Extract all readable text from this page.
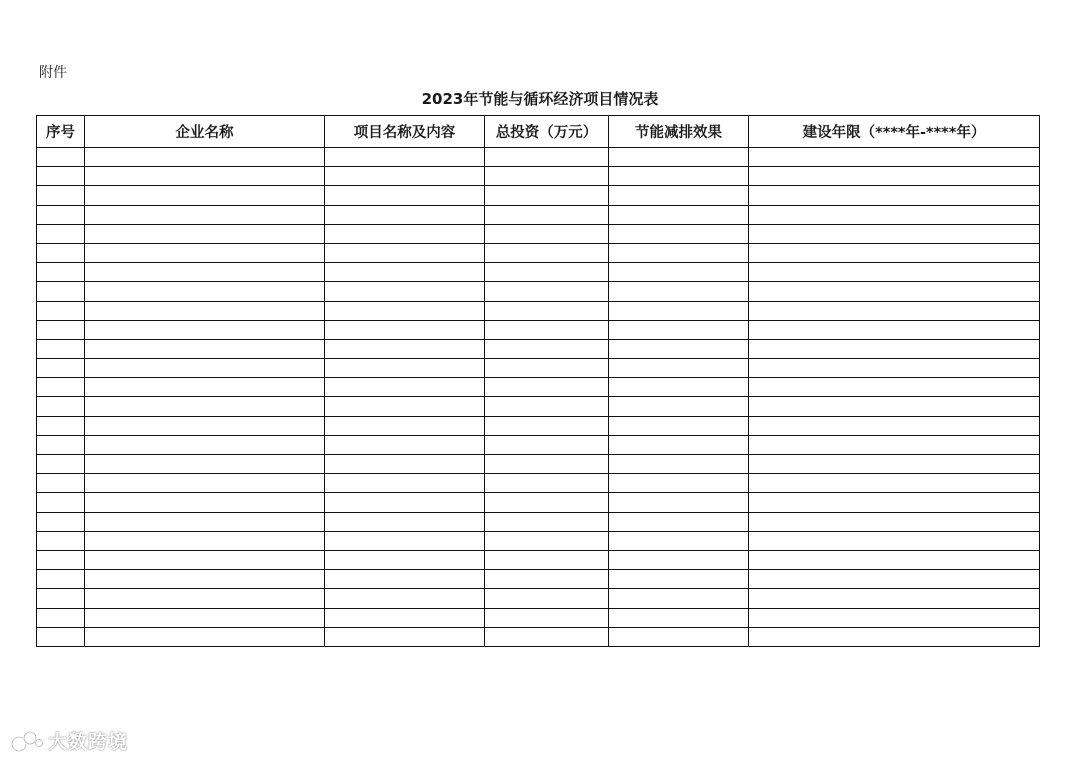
附件
2023年节能与循环经济项目情况表
序号	企业名称	项目名称及内容	总投资（万元）	节能减排效果	建设年限（****年-****年）

大数跨境
